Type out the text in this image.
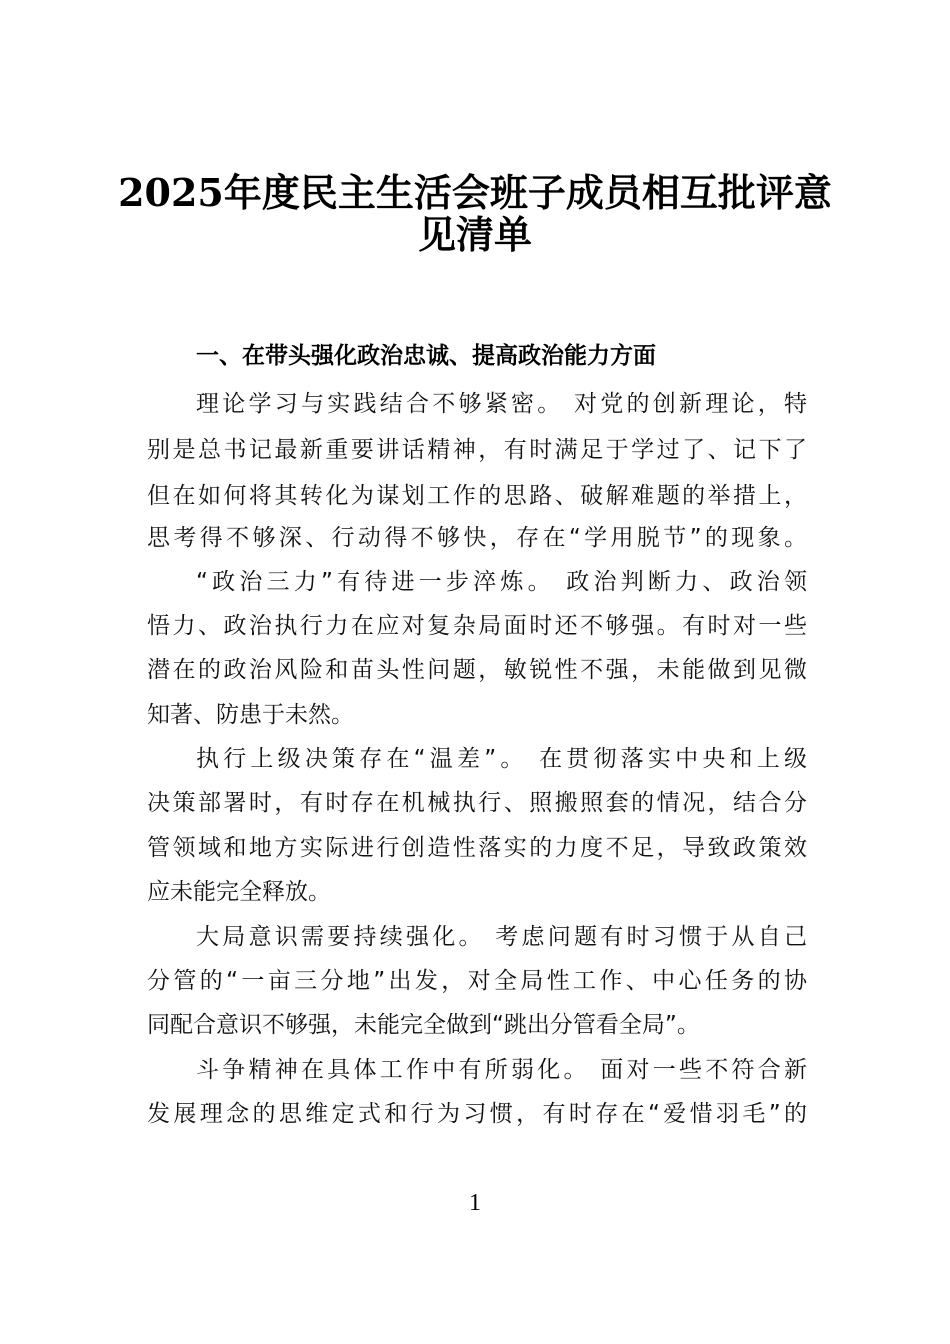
2025年度民主生活会班子成员相互批评意
见清单
一、在带头强化政治忠诚、提高政治能力方面
理论学习与实践结合不够紧密。 对党的创新理论，特
别是总书记最新重要讲话精神，有时满足于学过了、记下了
但在如何将其转化为谋划工作的思路、破解难题的举措上，
思考得不够深、行动得不够快，存在“学用脱节”的现象。
“政治三力”有待进一步淬炼。 政治判断力、政治领
悟力、政治执行力在应对复杂局面时还不够强。有时对一些
潜在的政治风险和苗头性问题，敏锐性不强，未能做到见微
知著、防患于未然。
执行上级决策存在“温差”。 在贯彻落实中央和上级
决策部署时，有时存在机械执行、照搬照套的情况，结合分
管领域和地方实际进行创造性落实的力度不足，导致政策效
应未能完全释放。
大局意识需要持续强化。 考虑问题有时习惯于从自己
分管的“一亩三分地”出发，对全局性工作、中心任务的协
同配合意识不够强，未能完全做到“跳出分管看全局”。
斗争精神在具体工作中有所弱化。 面对一些不符合新
发展理念的思维定式和行为习惯，有时存在“爱惜羽毛”的
1
